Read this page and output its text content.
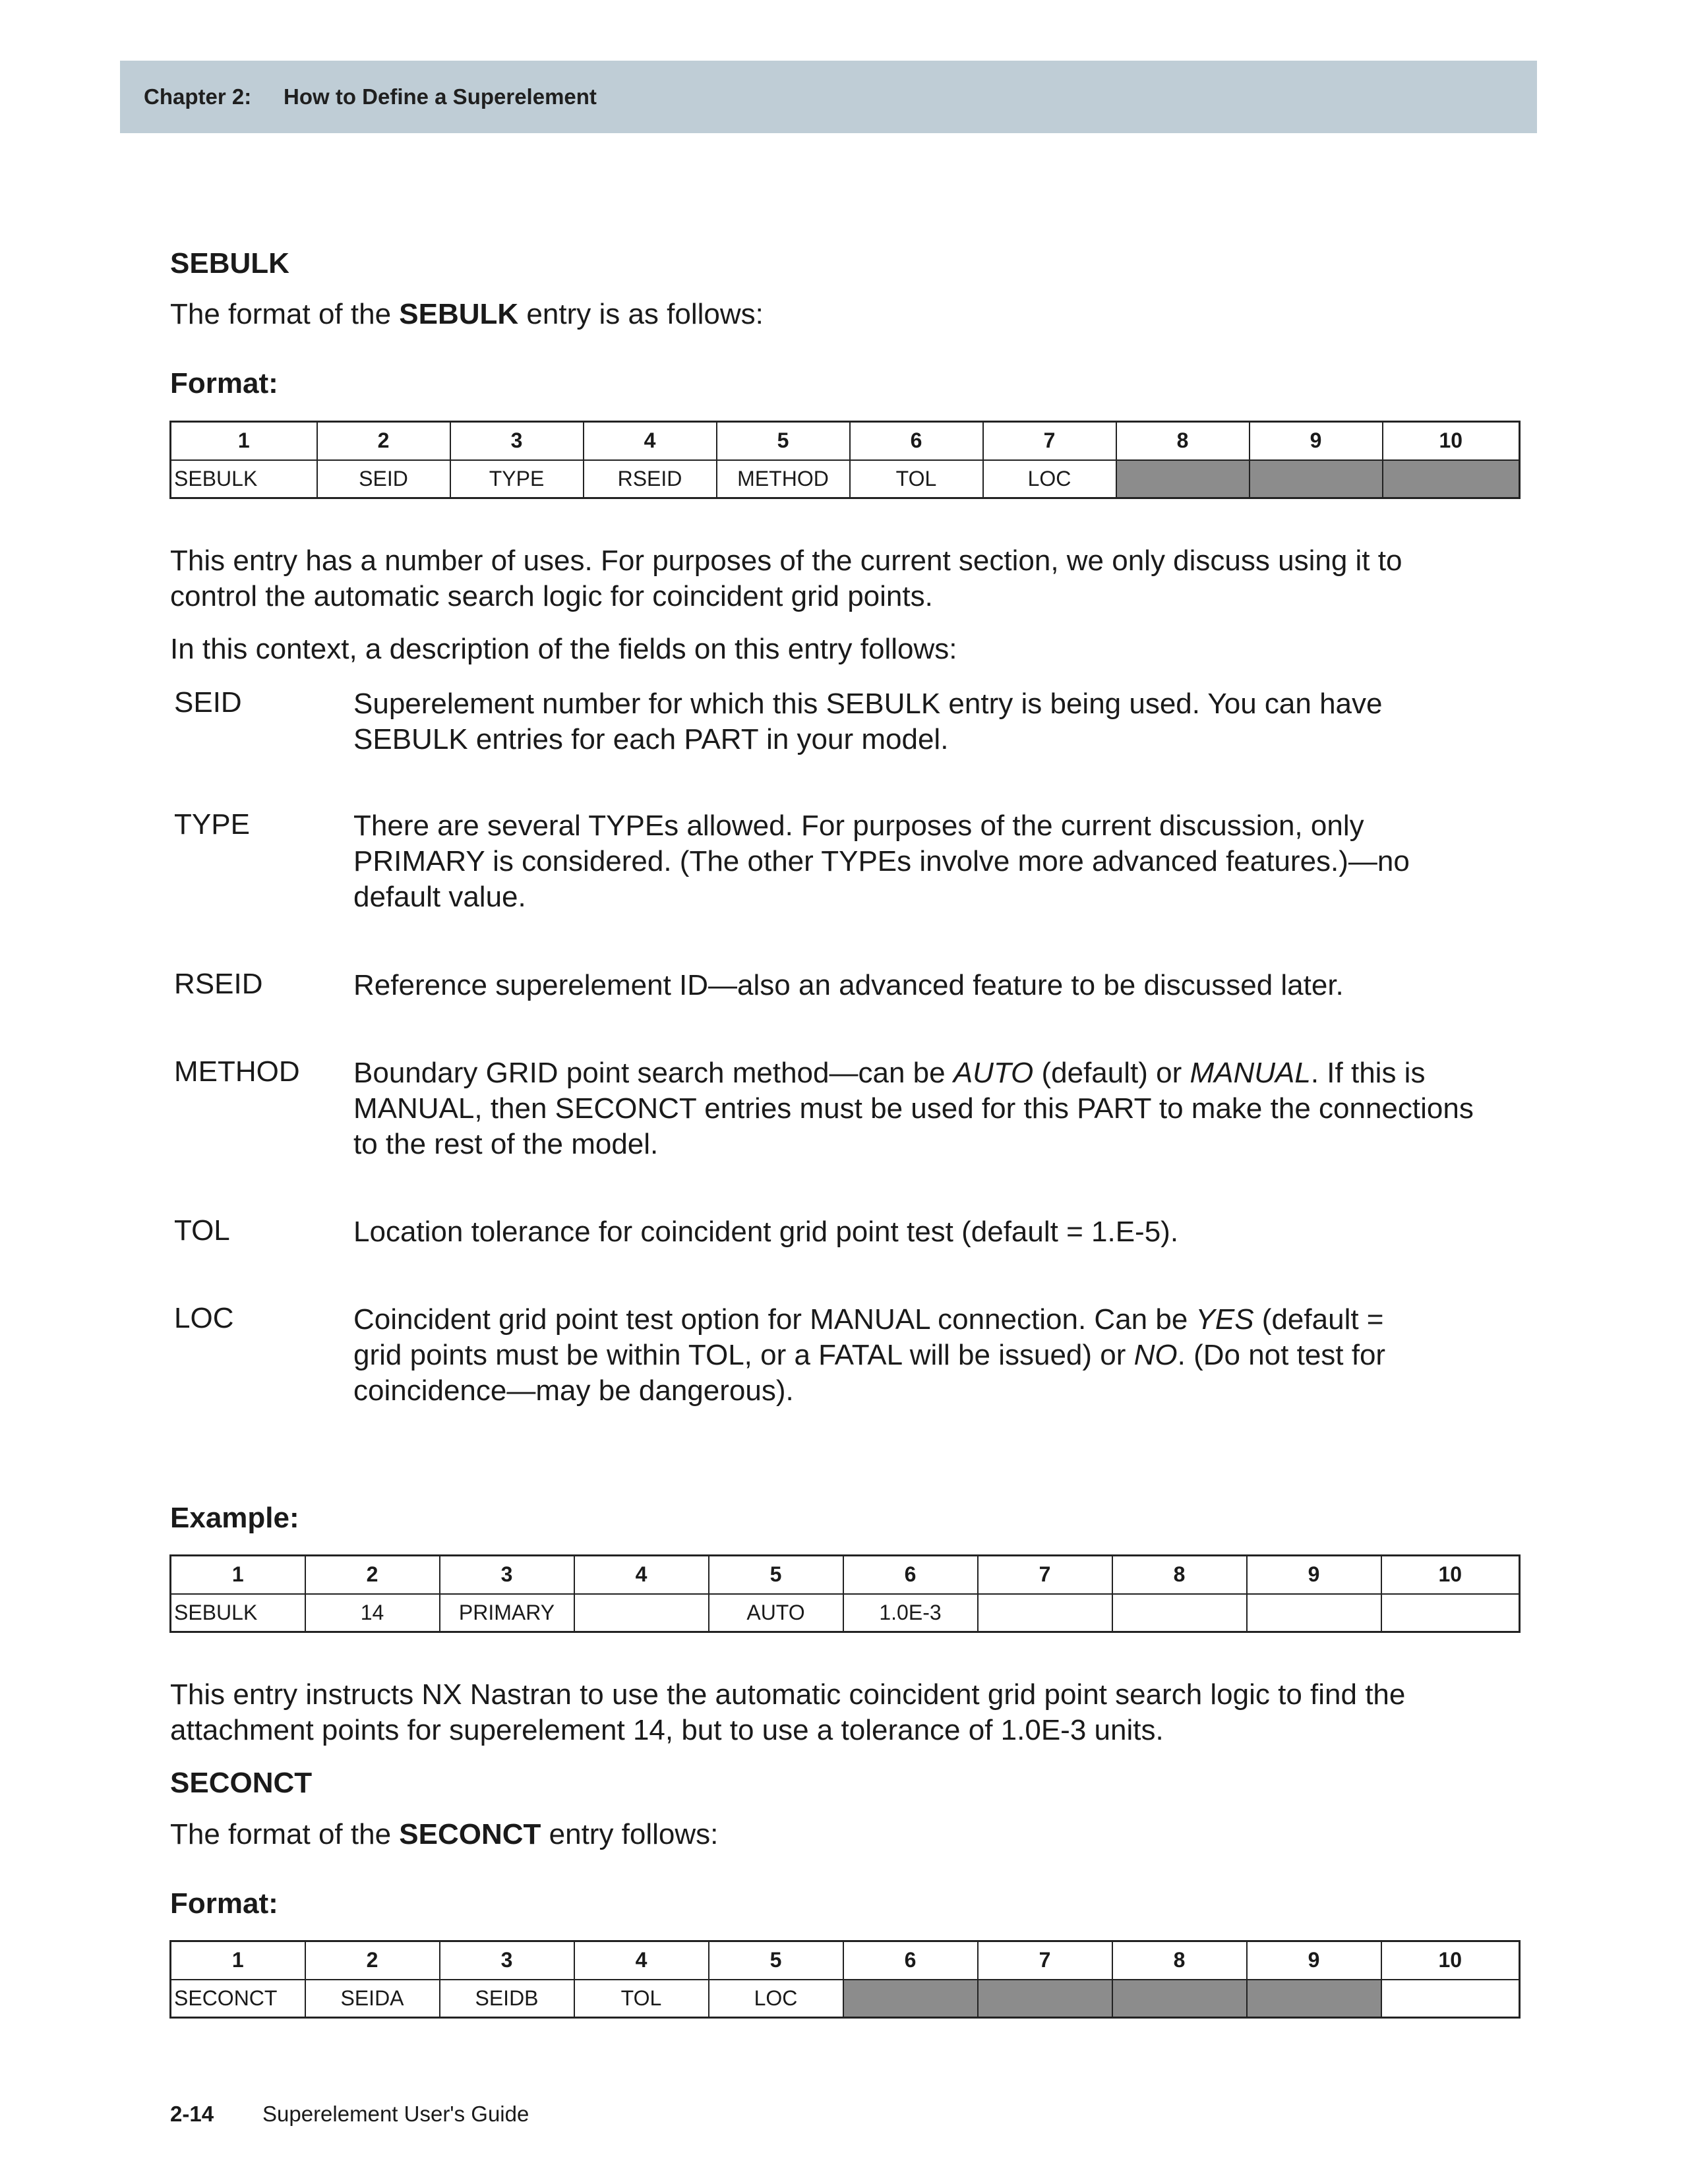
Chapter 2: How to Define a Superelement
SEBULK
The format of the SEBULK entry is as follows:
Format:
1	2	3	4	5	6	7	8	9	10
SEBULK	SEID	TYPE	RSEID	METHOD	TOL	LOC			
This entry has a number of uses. For purposes of the current section, we only discuss using it to
control the automatic search logic for coincident grid points.
In this context, a description of the fields on this entry follows:
SEID	Superelement number for which this SEBULK entry is being used. You can have
SEBULK entries for each PART in your model.
TYPE	There are several TYPEs allowed. For purposes of the current discussion, only
PRIMARY is considered. (The other TYPEs involve more advanced features.)—no
default value.
RSEID	Reference superelement ID—also an advanced feature to be discussed later.
METHOD Boundary GRID point search method—can be AUTO (default) or MANUAL. If this is
MANUAL, then SECONCT entries must be used for this PART to make the connections
to the rest of the model.
TOL	Location tolerance for coincident grid point test (default = 1.E-5).
LOC	Coincident grid point test option for MANUAL connection. Can be YES (default =
grid points must be within TOL, or a FATAL will be issued) or NO. (Do not test for
coincidence—may be dangerous).
Example:
1	2	3	4	5	6	7	8	9	10
SEBULK	14	PRIMARY		AUTO	1.0E-3				
This entry instructs NX Nastran to use the automatic coincident grid point search logic to find the
attachment points for superelement 14, but to use a tolerance of 1.0E-3 units.
SECONCT
The format of the SECONCT entry follows:
Format:
1	2	3	4	5	6	7	8	9	10
SECONCT	SEIDA	SEIDB	TOL	LOC					
2-14 Superelement User's Guide
